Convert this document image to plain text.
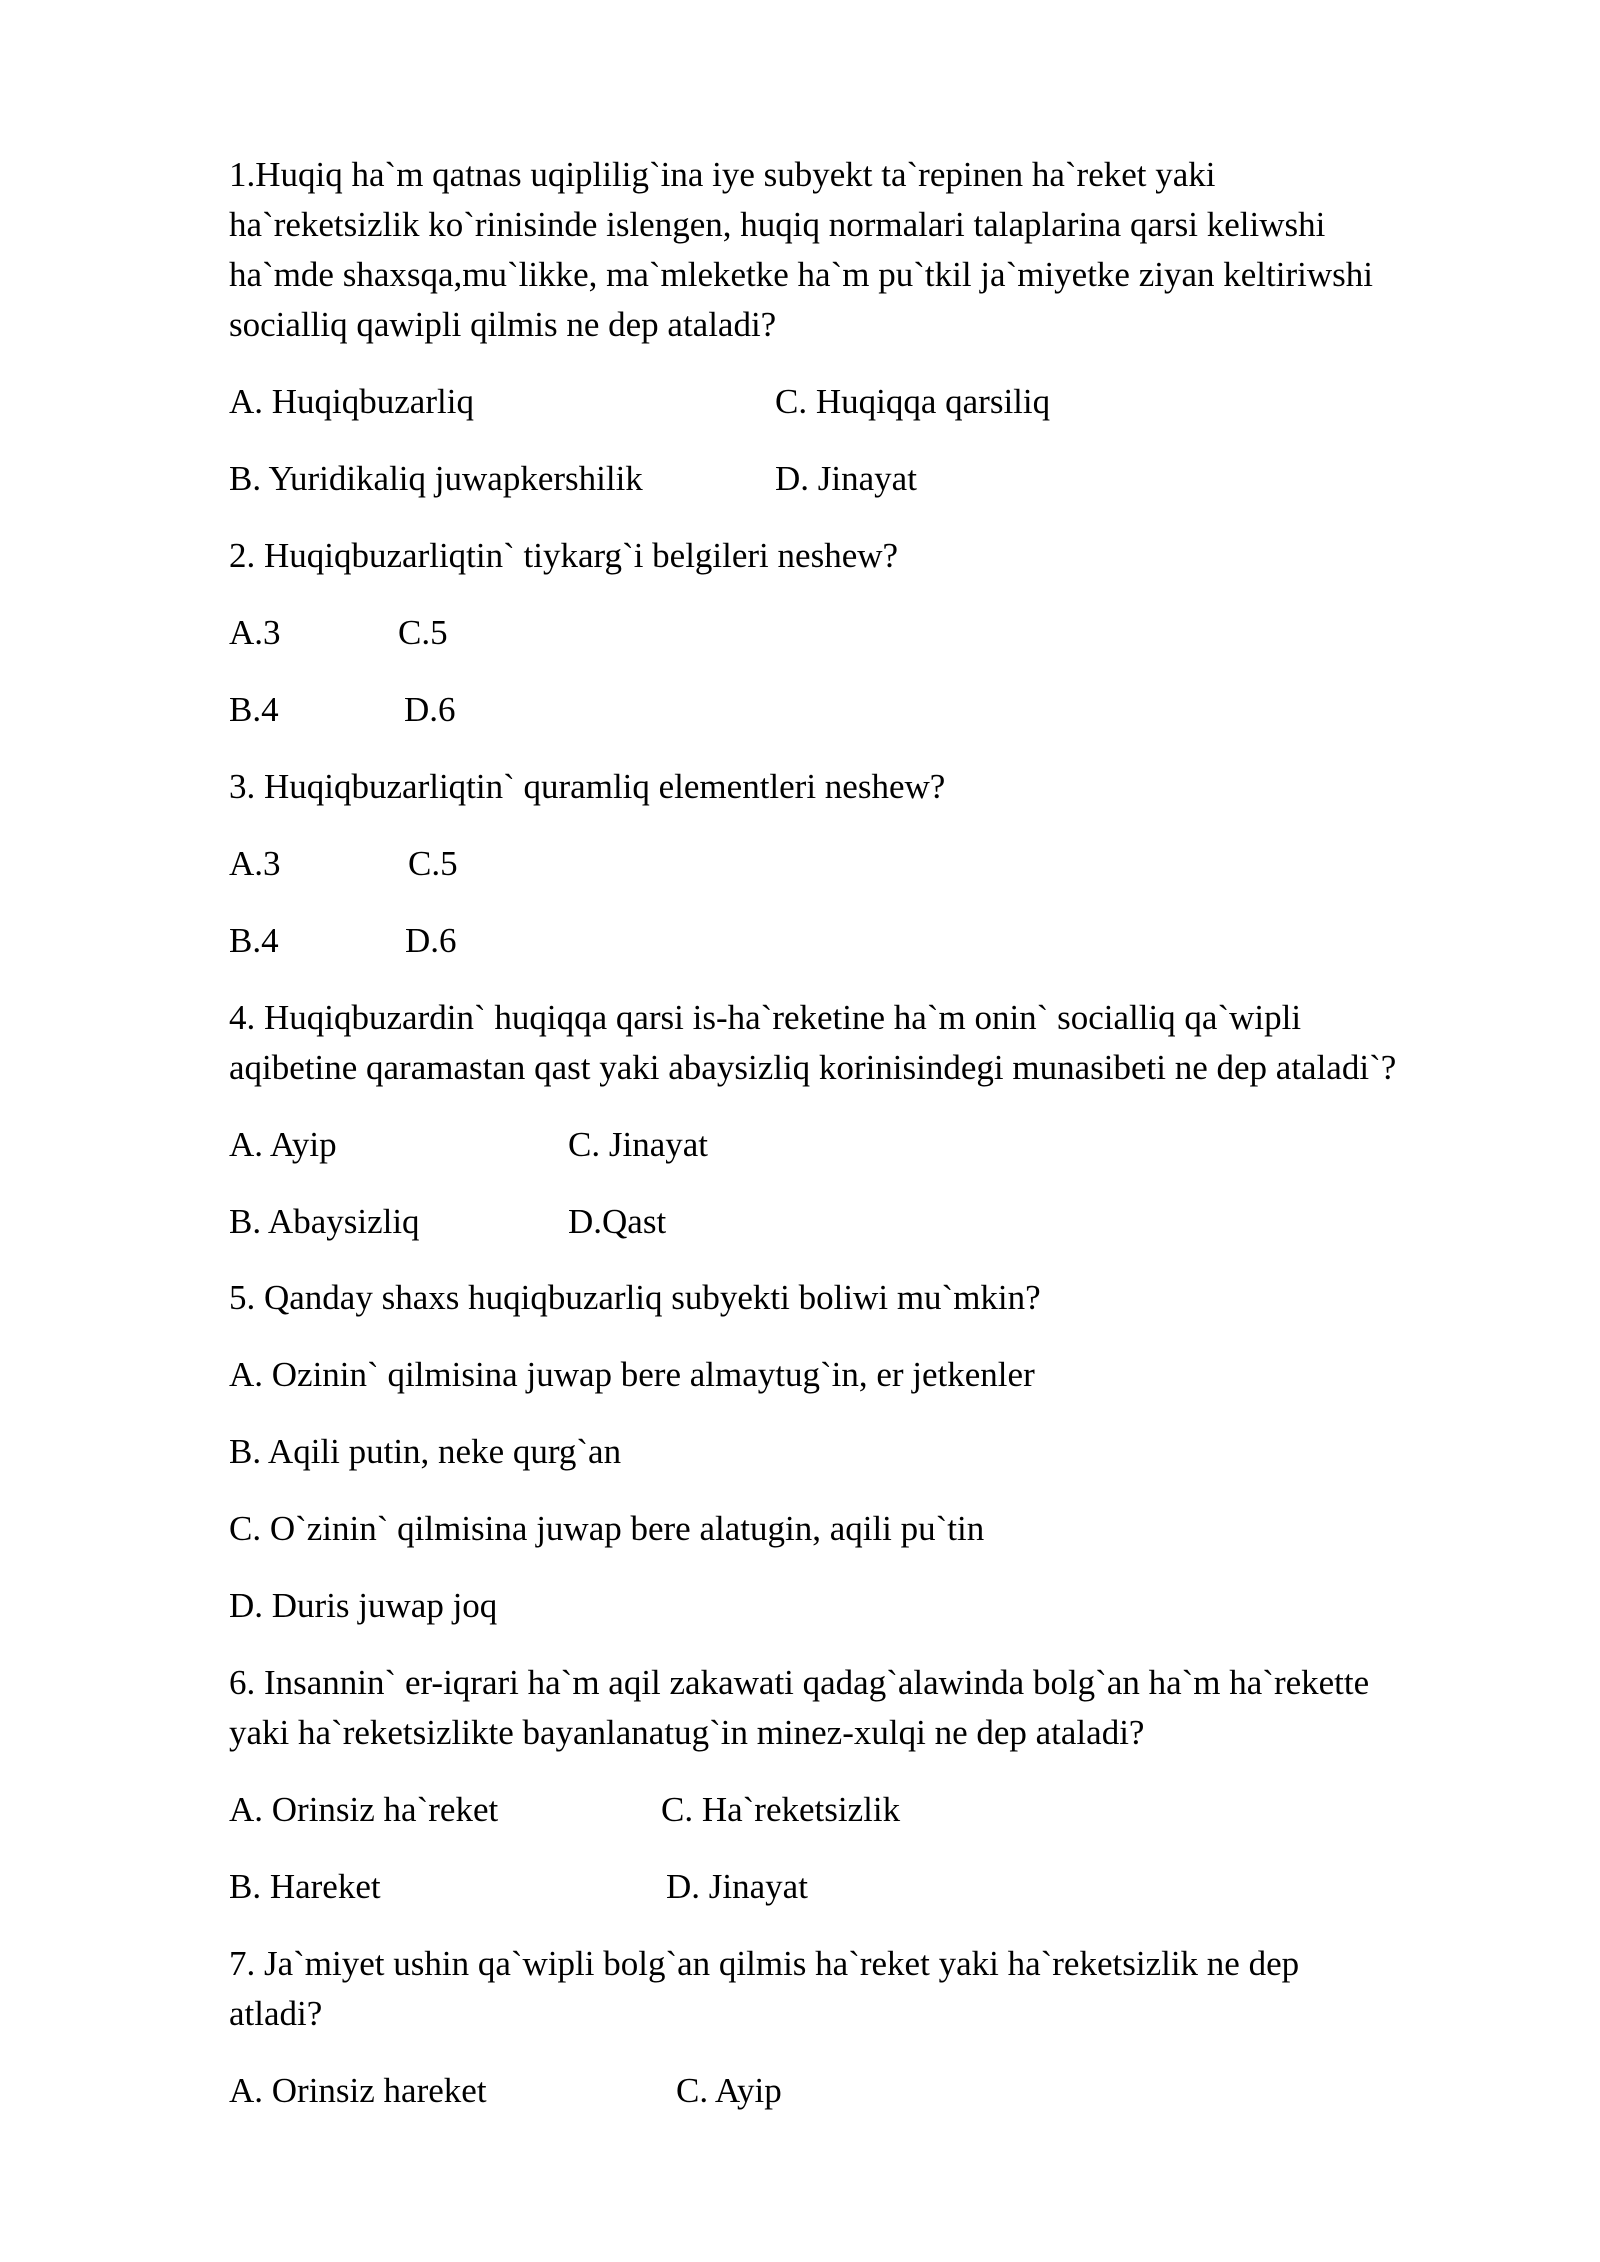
1.Huqiq ha`m qatnas uqiplilig`ina iye subyekt ta`repinen ha`reket yaki
ha`reketsizlik ko`rinisinde islengen, huqiq normalari talaplarina qarsi keliwshi
ha`mde shaxsqa,mu`likke, ma`mleketke ha`m pu`tkil ja`miyetke ziyan keltiriwshi
socialliq qawipli qilmis ne dep ataladi?
A. Huqiqbuzarliq	C. Huqiqqa qarsiliq
B. Yuridikaliq juwapkershilik	D. Jinayat
2. Huqiqbuzarliqtin` tiykarg`i belgileri neshew?
A.3	C.5
B.4	D.6
3. Huqiqbuzarliqtin` quramliq elementleri neshew?
A.3	C.5
B.4	D.6
4. Huqiqbuzardin` huqiqqa qarsi is-ha`reketine ha`m onin` socialliq qa`wipli
aqibetine qaramastan qast yaki abaysizliq korinisindegi munasibeti ne dep ataladi`?
A. Ayip	C. Jinayat
B. Abaysizliq	D.Qast
5. Qanday shaxs huqiqbuzarliq subyekti boliwi mu`mkin?
A. Ozinin` qilmisina juwap bere almaytug`in, er jetkenler
B. Aqili putin, neke qurg`an
C. O`zinin` qilmisina juwap bere alatugin, aqili pu`tin
D. Duris juwap joq
6. Insannin` er-iqrari ha`m aqil zakawati qadag`alawinda bolg`an ha`m ha`rekette
yaki ha`reketsizlikte bayanlanatug`in minez-xulqi ne dep ataladi?
A. Orinsiz ha`reket	C. Ha`reketsizlik
B. Hareket	D. Jinayat
7. Ja`miyet ushin qa`wipli bolg`an qilmis ha`reket yaki ha`reketsizlik ne dep
atladi?
A. Orinsiz hareket	C. Ayip
